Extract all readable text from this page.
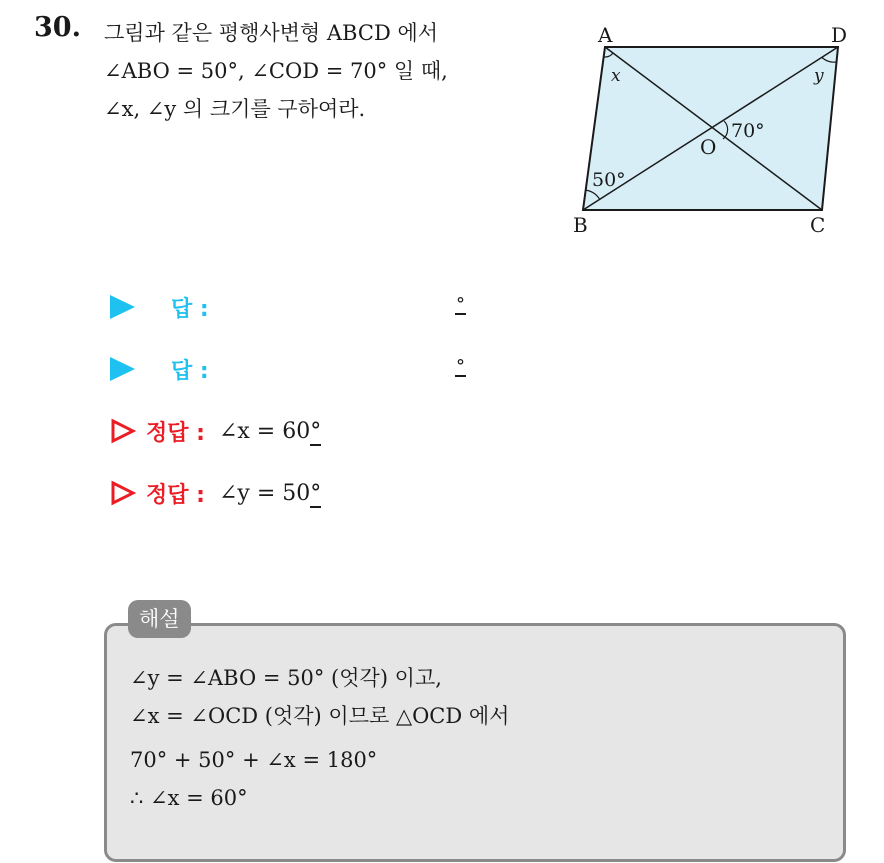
30. 그림과 같은 평행사변형 ABCD 에서
∠ABO = 50°, ∠COD = 70° 일 때,
∠x, ∠y 의 크기를 구하여라.
A	D
B	C
O
x	y
50°
70°
답 :	°
답 :	°
정답 : ∠x = 60°
정답 : ∠y = 50°
해설
∠y = ∠ABO = 50° (엇각) 이고,
∠x = ∠OCD (엇각) 이므로 △OCD 에서
70° + 50° + ∠x = 180°
∴ ∠x = 60°
